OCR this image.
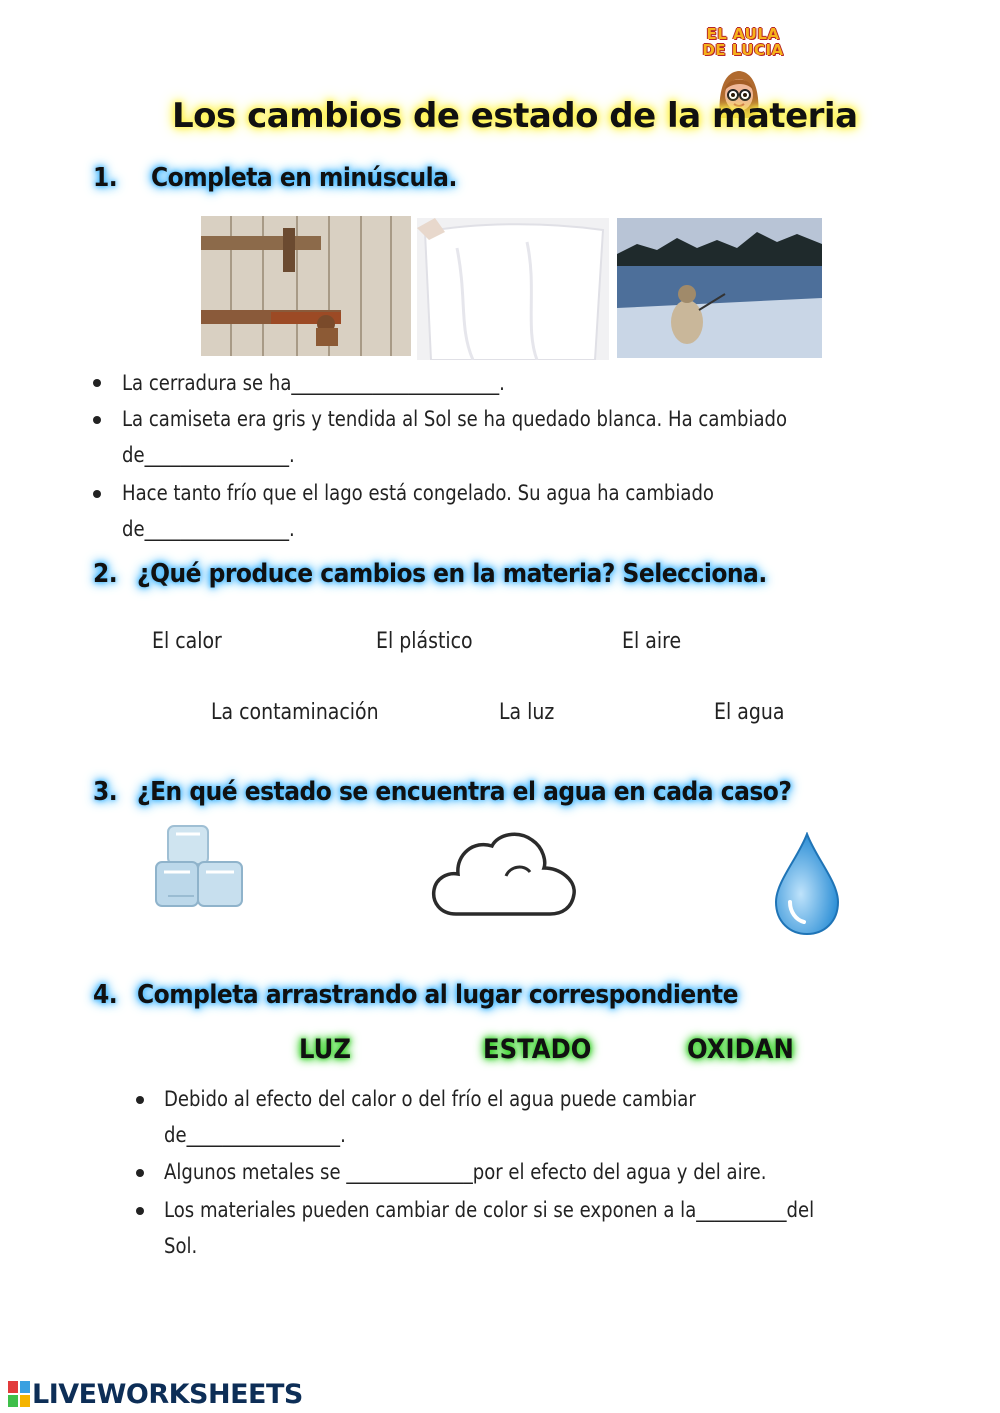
EL AULA
DE LUCIA
Los cambios de estado de la materia
1. Completa en minúscula.
La cerradura se ha_______________________.
La camiseta era gris y tendida al Sol se ha quedado blanca. Ha cambiado
de________________.
Hace tanto frío que el lago está congelado. Su agua ha cambiado
de________________.
2. ¿Qué produce cambios en la materia? Selecciona.
El calor	El plástico	El aire
La contaminación	La luz	El agua
3. ¿En qué estado se encuentra el agua en cada caso?
4. Completa arrastrando al lugar correspondiente
LUZ	ESTADO	OXIDAN
Debido al efecto del calor o del frío el agua puede cambiar
de_________________.
Algunos metales se ______________por el efecto del agua y del aire.
Los materiales pueden cambiar de color si se exponen a la__________del
Sol.
LIVEWORKSHEETS
